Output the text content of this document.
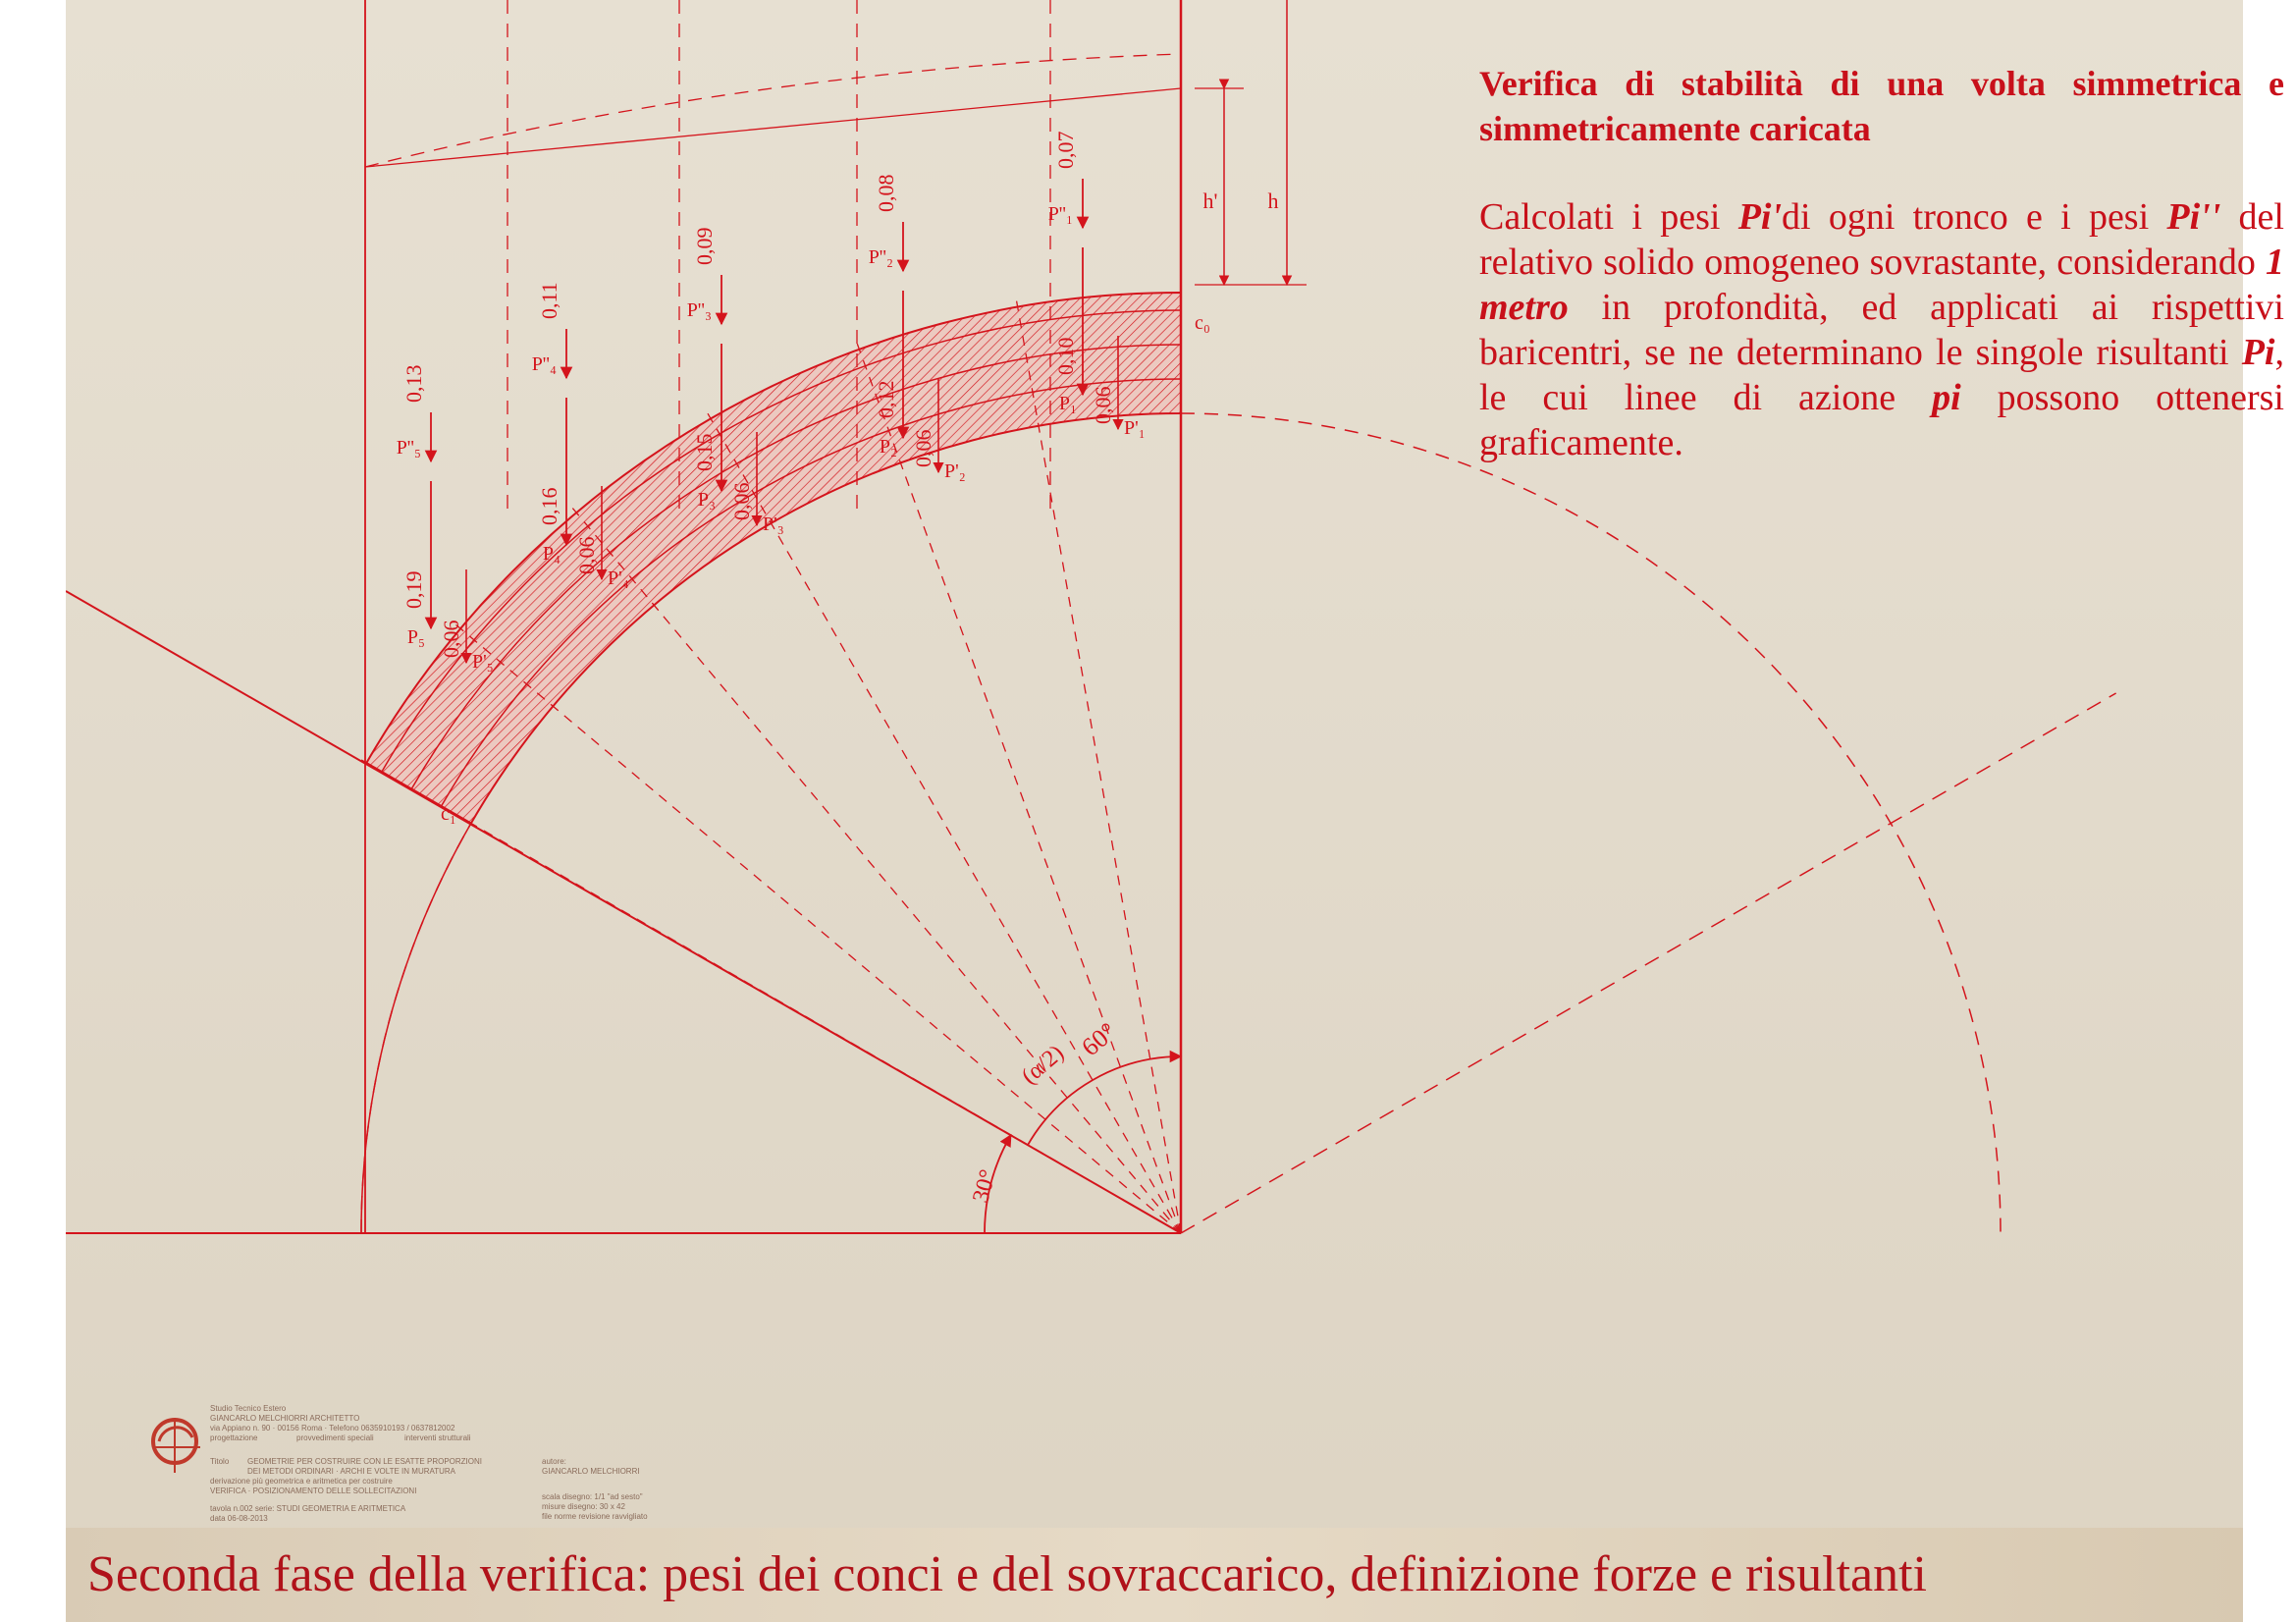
h' h
60°
(α/2)
30°
c₀
c₁
0,07
P''₁
0,10
P₁ 0,06
P'₁
0,08
P''₂
0,12
P₂ 0,06
P'₂
0,09
P''₃
0,15
P₃ 0,06
P'₃
0,11
P''₄
0,16
P₄ 0,06
P'₄
0,13
P''₅
0,19
P₅ 0,06
P'₅
Verifica di stabilità di una volta simmetrica e simmetricamente caricata

Calcolati i pesi Pi'di ogni tronco e i pesi Pi'' del relativo solido omogeneo sovrastante, considerando 1 metro in profondità, ed applicati ai rispettivi baricentri, se ne determinano le singole risultanti Pi, le cui linee di azione pi possono ottenersi graficamente.

Studio Tecnico Estero
GIANCARLO MELCHIORRI ARCHITETTO
via Appiano n. 90 · 00156 Roma · Telefono 0635910193 / 0637812002
progettazione	provvedimenti speciali	interventi strutturali
Titolo GEOMETRIE PER COSTRUIRE CON LE ESATTE PROPORZIONI
DEI METODI ORDINARI · ARCHI E VOLTE IN MURATURA
derivazione più geometrica e aritmetica per costruire
VERIFICA · POSIZIONAMENTO DELLE SOLLECITAZIONI
tavola n.002 serie: STUDI GEOMETRIA E ARITMETICA
data 06-08-2013
autore:
GIANCARLO MELCHIORRI
scala disegno: 1/1 "ad sesto"
misure disegno: 30 x 42
file norme revisione ravvigliato
Seconda fase della verifica: pesi dei conci e del sovraccarico, definizione forze e risultanti
